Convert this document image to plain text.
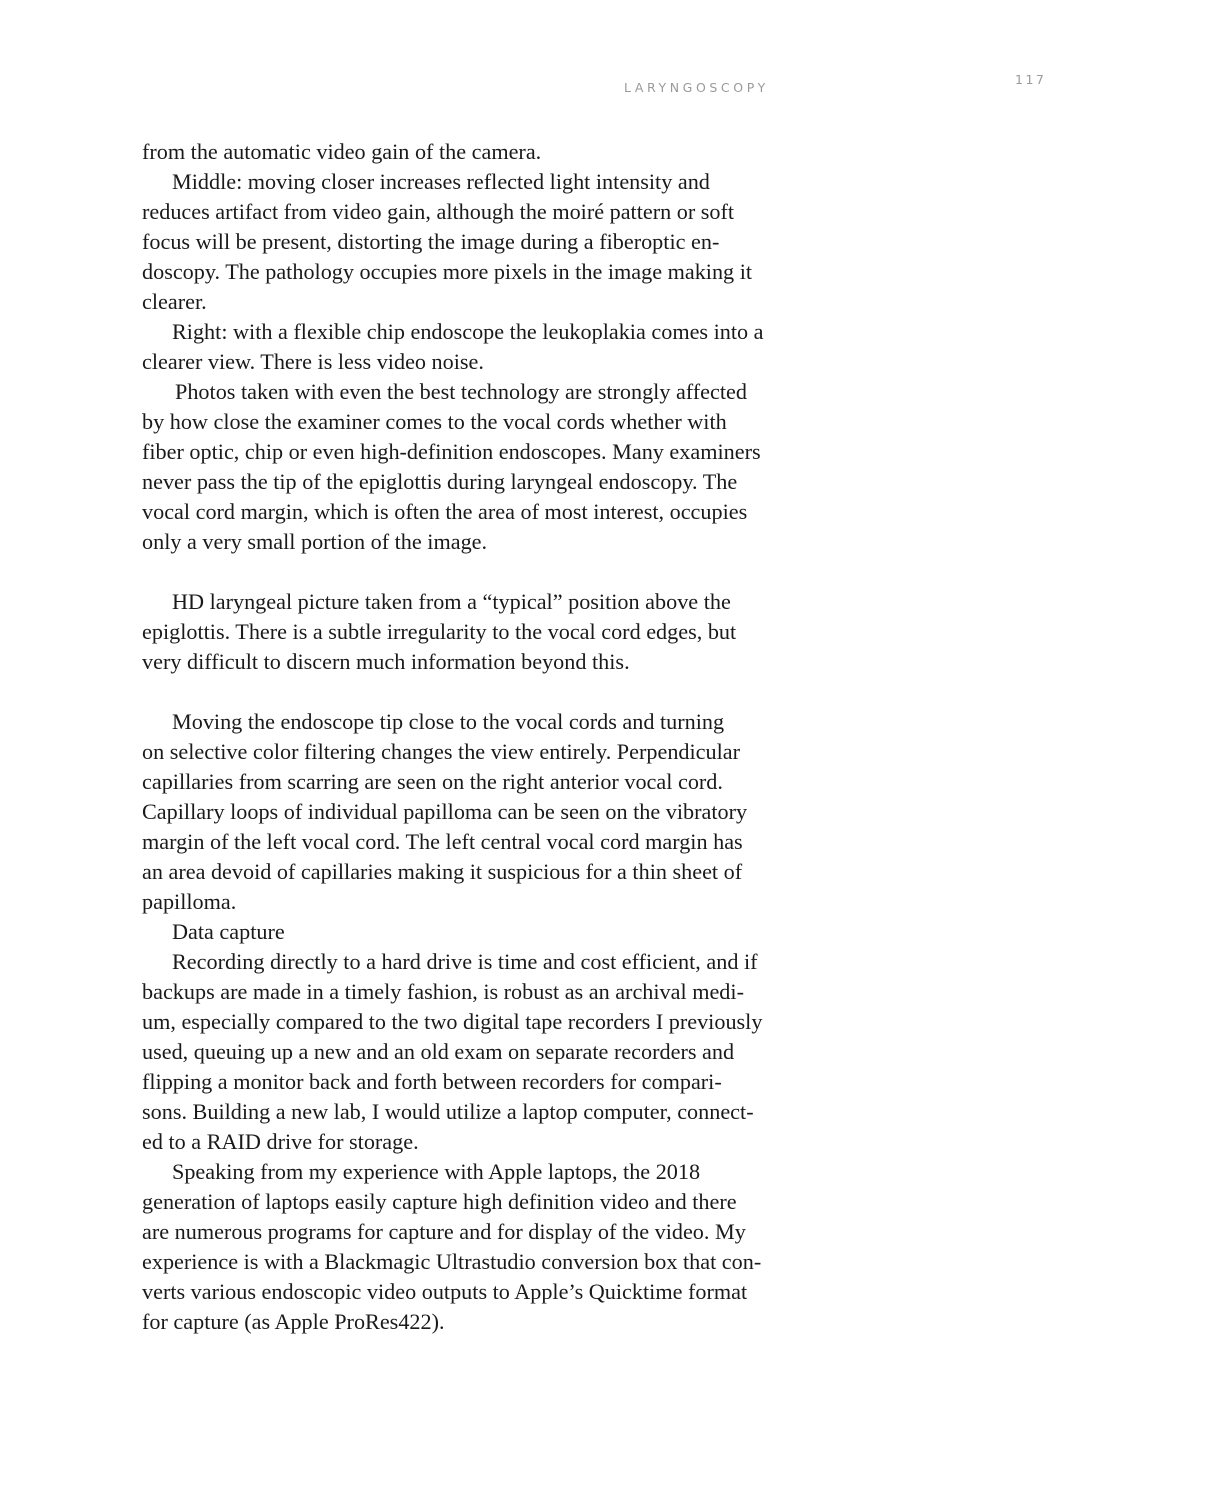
LARYNGOSCOPY
117
from the automatic video gain of the camera.
Middle: moving closer increases reflected light intensity and
reduces artifact from video gain, although the moiré pattern or soft
focus will be present, distorting the image during a fiberoptic en-
doscopy. The pathology occupies more pixels in the image making it
clearer.
Right: with a flexible chip endoscope the leukoplakia comes into a
clearer view. There is less video noise.
Photos taken with even the best technology are strongly affected
by how close the examiner comes to the vocal cords whether with
fiber optic, chip or even high-definition endoscopes. Many examiners
never pass the tip of the epiglottis during laryngeal endoscopy. The
vocal cord margin, which is often the area of most interest, occupies
only a very small portion of the image.
HD laryngeal picture taken from a “typical” position above the
epiglottis. There is a subtle irregularity to the vocal cord edges, but
very difficult to discern much information beyond this.
Moving the endoscope tip close to the vocal cords and turning
on selective color filtering changes the view entirely. Perpendicular
capillaries from scarring are seen on the right anterior vocal cord.
Capillary loops of individual papilloma can be seen on the vibratory
margin of the left vocal cord. The left central vocal cord margin has
an area devoid of capillaries making it suspicious for a thin sheet of
papilloma.
Data capture
Recording directly to a hard drive is time and cost efficient, and if
backups are made in a timely fashion, is robust as an archival medi-
um, especially compared to the two digital tape recorders I previously
used, queuing up a new and an old exam on separate recorders and
flipping a monitor back and forth between recorders for compari-
sons. Building a new lab, I would utilize a laptop computer, connect-
ed to a RAID drive for storage.
Speaking from my experience with Apple laptops, the 2018
generation of laptops easily capture high definition video and there
are numerous programs for capture and for display of the video. My
experience is with a Blackmagic Ultrastudio conversion box that con-
verts various endoscopic video outputs to Apple’s Quicktime format
for capture (as Apple ProRes422).
